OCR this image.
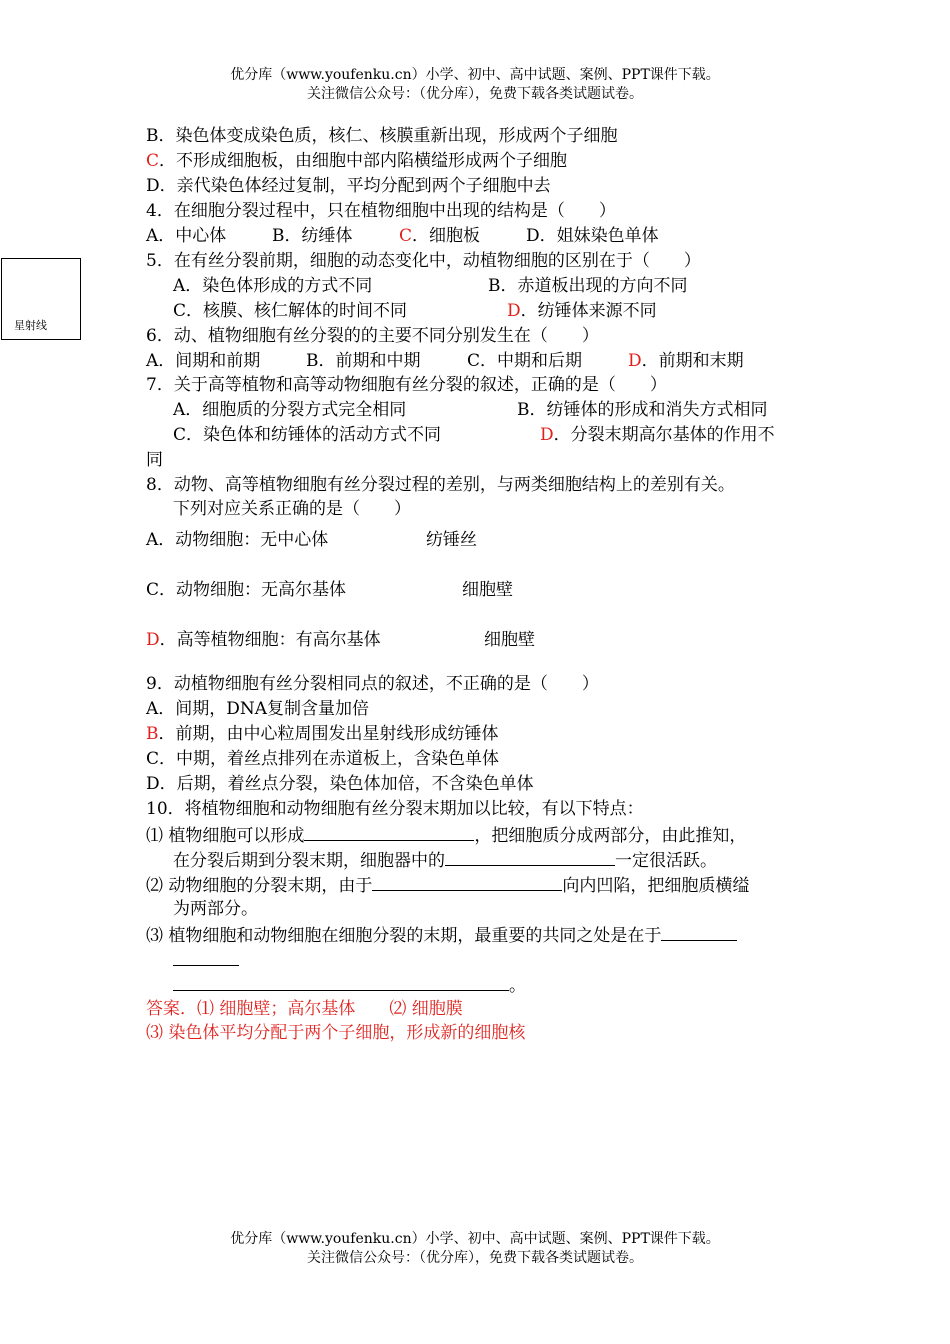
优分库（www.youfenku.cn）小学、初中、高中试题、案例、PPT课件下载。
关注微信公众号：（优分库），免费下载各类试题试卷。
星射线
B．染色体变成染色质，核仁、核膜重新出现，形成两个子细胞
C．不形成细胞板，由细胞中部内陷横缢形成两个子细胞
D．亲代染色体经过复制，平均分配到两个子细胞中去
4．在细胞分裂过程中，只在植物细胞中出现的结构是（　　）
A．中心体	B．纺缍体	C．细胞板	D．姐妹染色单体
5．在有丝分裂前期，细胞的动态变化中，动植物细胞的区别在于（　　）
A．染色体形成的方式不同	B．赤道板出现的方向不同
C．核膜、核仁解体的时间不同	D．纺锤体来源不同
6．动、植物细胞有丝分裂的的主要不同分别发生在（　　）
A．间期和前期	B．前期和中期	C．中期和后期	D．前期和末期
7．关于高等植物和高等动物细胞有丝分裂的叙述，正确的是（　　）
A．细胞质的分裂方式完全相同	B．纺锤体的形成和消失方式相同
C．染色体和纺锤体的活动方式不同	D．分裂末期高尔基体的作用不
同
8．动物、高等植物细胞有丝分裂过程的差别，与两类细胞结构上的差别有关。
下列对应关系正确的是（　　）
A．动物细胞：无中心体	纺锤丝
C．动物细胞：无高尔基体	细胞壁
D．高等植物细胞：有高尔基体	细胞壁
9．动植物细胞有丝分裂相同点的叙述，不正确的是（　　）
A．间期，DNA复制含量加倍
B．前期，由中心粒周围发出星射线形成纺锤体
C．中期，着丝点排列在赤道板上，含染色单体
D．后期，着丝点分裂，染色体加倍，不含染色单体
10．将植物细胞和动物细胞有丝分裂末期加以比较，有以下特点：
⑴ 植物细胞可以形成	，把细胞质分成两部分，由此推知，
在分裂后期到分裂末期，细胞器中的	一定很活跃。
⑵ 动物细胞的分裂末期，由于	向内凹陷，把细胞质横缢
为两部分。
⑶ 植物细胞和动物细胞在细胞分裂的末期，最重要的共同之处是在于
。
答案．⑴ 细胞壁；高尔基体　　⑵ 细胞膜
⑶ 染色体平均分配于两个子细胞，形成新的细胞核
优分库（www.youfenku.cn）小学、初中、高中试题、案例、PPT课件下载。
关注微信公众号：（优分库），免费下载各类试题试卷。
